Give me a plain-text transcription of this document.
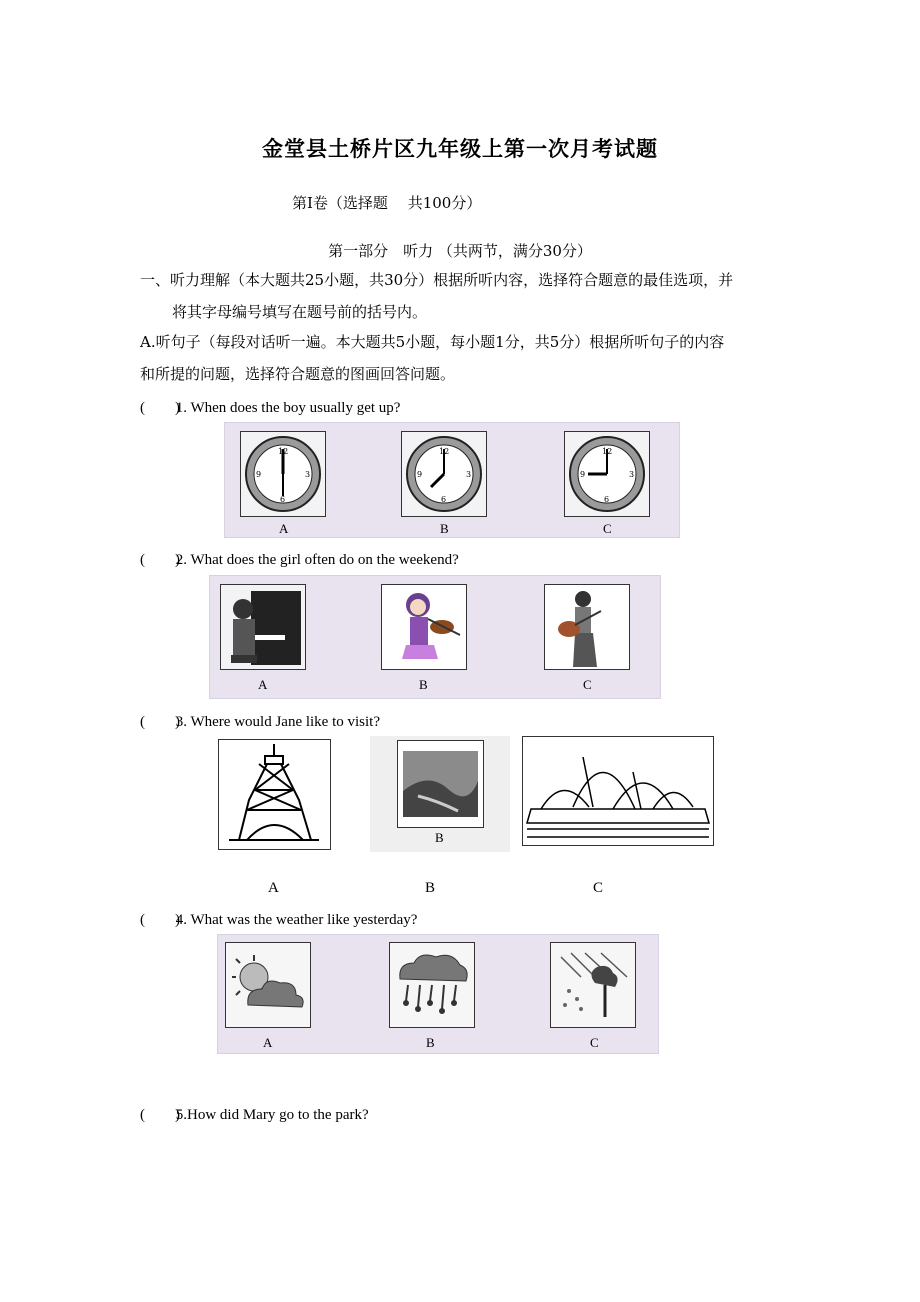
金堂县土桥片区九年级上第一次月考试题
第Ⅰ卷（选择题　 共100分）
第一部分　听力 （共两节，满分30分）
一、听力理解（本大题共25小题，共30分）根据所听内容，选择符合题意的最佳选项，并
将其字母编号填写在题号前的括号内。
A.听句子（每段对话听一遍。本大题共5小题，每小题1分，共5分）根据所听句子的内容
和所提的问题，选择符合题意的图画回答问题。
(　　) 1. When does the boy usually get up?
12
6
3
9
A
12
6
3
9
B
12
6
3
9
C
(　　) 2. What does the girl often do on the weekend?
A	B	C
(　　) 3. Where would Jane like to visit?
B
A	B	C
(　　) 4. What was the weather like yesterday?
A	B	C
(　　) 5.How did Mary go to the park?
